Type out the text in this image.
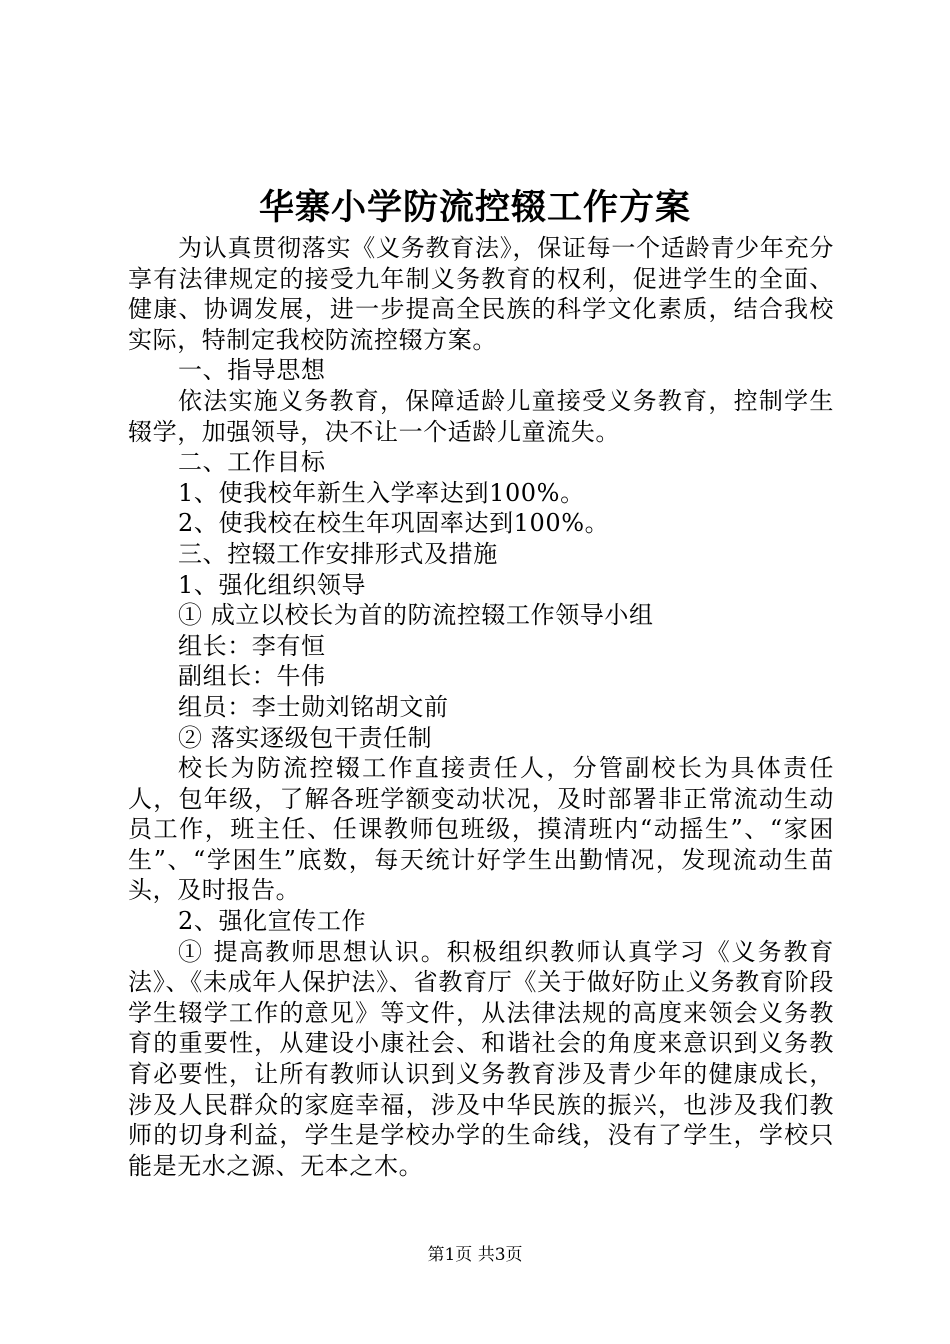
华寨小学防流控辍工作方案

为认真贯彻落实《义务教育法》，保证每一个适龄青少年充分享有法律规定的接受九年制义务教育的权利，促进学生的全面、健康、协调发展，进一步提高全民族的科学文化素质，结合我校实际，特制定我校防流控辍方案。

一、指导思想

依法实施义务教育，保障适龄儿童接受义务教育，控制学生辍学，加强领导，决不让一个适龄儿童流失。

二、工作目标

1、使我校年新生入学率达到100%。

2、使我校在校生年巩固率达到100%。

三、控辍工作安排形式及措施

1、强化组织领导

① 成立以校长为首的防流控辍工作领导小组

组长：李有恒

副组长：牛伟

组员：李士勋刘铭胡文前

② 落实逐级包干责任制

校长为防流控辍工作直接责任人，分管副校长为具体责任人，包年级，了解各班学额变动状况，及时部署非正常流动生动员工作，班主任、任课教师包班级，摸清班内“动摇生”、“家困生”、“学困生”底数，每天统计好学生出勤情况，发现流动生苗头，及时报告。

2、强化宣传工作

① 提高教师思想认识。积极组织教师认真学习《义务教育法》、《未成年人保护法》、省教育厅《关于做好防止义务教育阶段学生辍学工作的意见》等文件，从法律法规的高度来领会义务教育的重要性，从建设小康社会、和谐社会的角度来意识到义务教育必要性，让所有教师认识到义务教育涉及青少年的健康成长，涉及人民群众的家庭幸福，涉及中华民族的振兴，也涉及我们教师的切身利益，学生是学校办学的生命线，没有了学生，学校只能是无水之源、无本之木。

第1页 共3页
